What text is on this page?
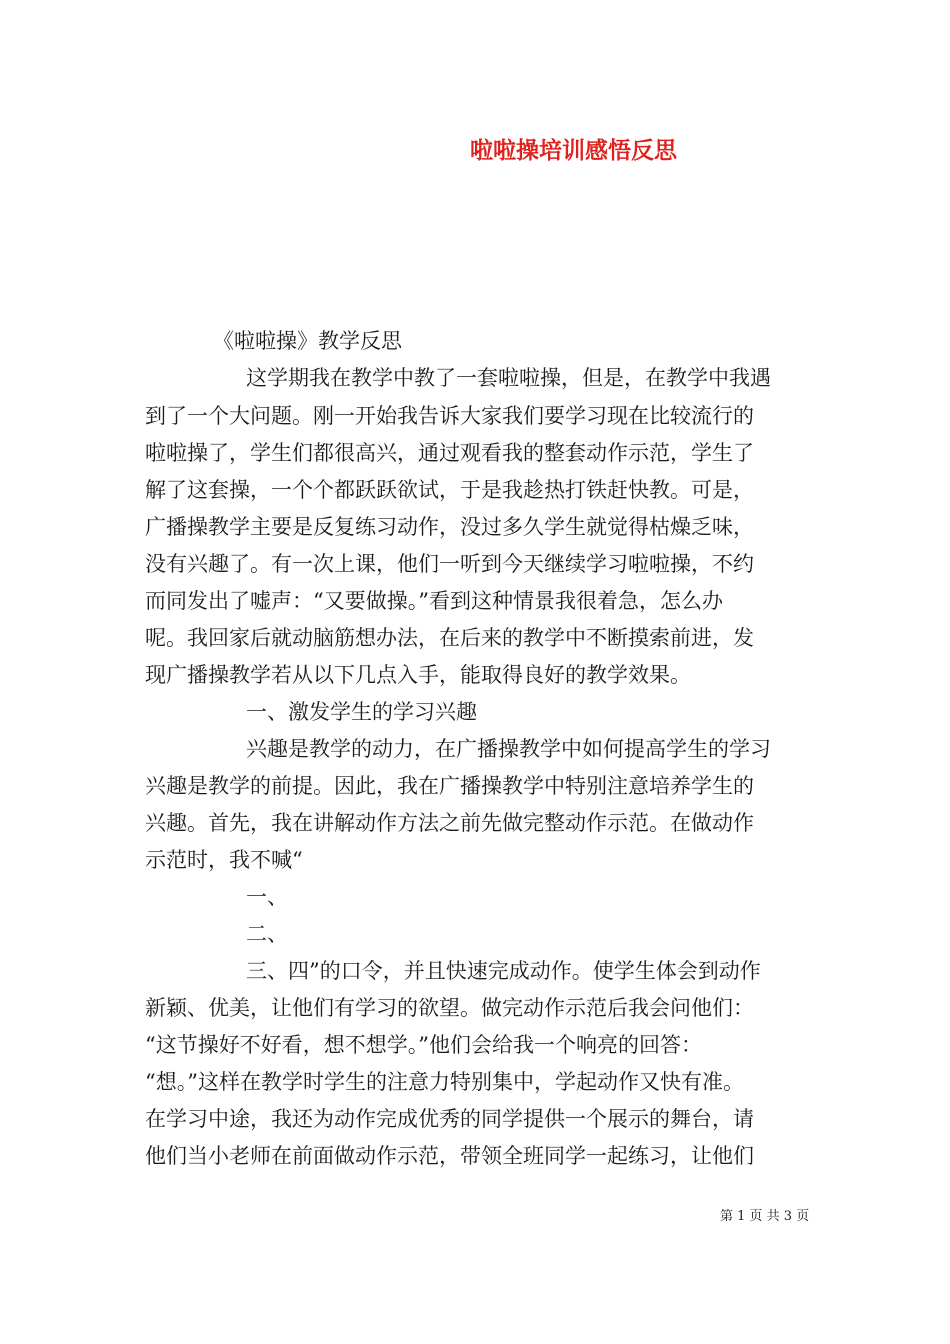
啦啦操培训感悟反思
《啦啦操》教学反思
这学期我在教学中教了一套啦啦操，但是，在教学中我遇
到了一个大问题。刚一开始我告诉大家我们要学习现在比较流行的
啦啦操了，学生们都很高兴，通过观看我的整套动作示范，学生了
解了这套操，一个个都跃跃欲试，于是我趁热打铁赶快教。可是，
广播操教学主要是反复练习动作，没过多久学生就觉得枯燥乏味，
没有兴趣了。有一次上课，他们一听到今天继续学习啦啦操，不约
而同发出了嘘声：“又要做操。”看到这种情景我很着急，怎么办
呢。我回家后就动脑筋想办法，在后来的教学中不断摸索前进，发
现广播操教学若从以下几点入手，能取得良好的教学效果。
一、激发学生的学习兴趣
兴趣是教学的动力，在广播操教学中如何提高学生的学习
兴趣是教学的前提。因此，我在广播操教学中特别注意培养学生的
兴趣。首先，我在讲解动作方法之前先做完整动作示范。在做动作
示范时，我不喊“
一、
二、
三、四”的口令，并且快速完成动作。使学生体会到动作
新颖、优美，让他们有学习的欲望。做完动作示范后我会问他们：
“这节操好不好看，想不想学。”他们会给我一个响亮的回答：
“想。”这样在教学时学生的注意力特别集中，学起动作又快有准。
在学习中途，我还为动作完成优秀的同学提供一个展示的舞台，请
他们当小老师在前面做动作示范，带领全班同学一起练习，让他们
第 1 页 共 3 页
